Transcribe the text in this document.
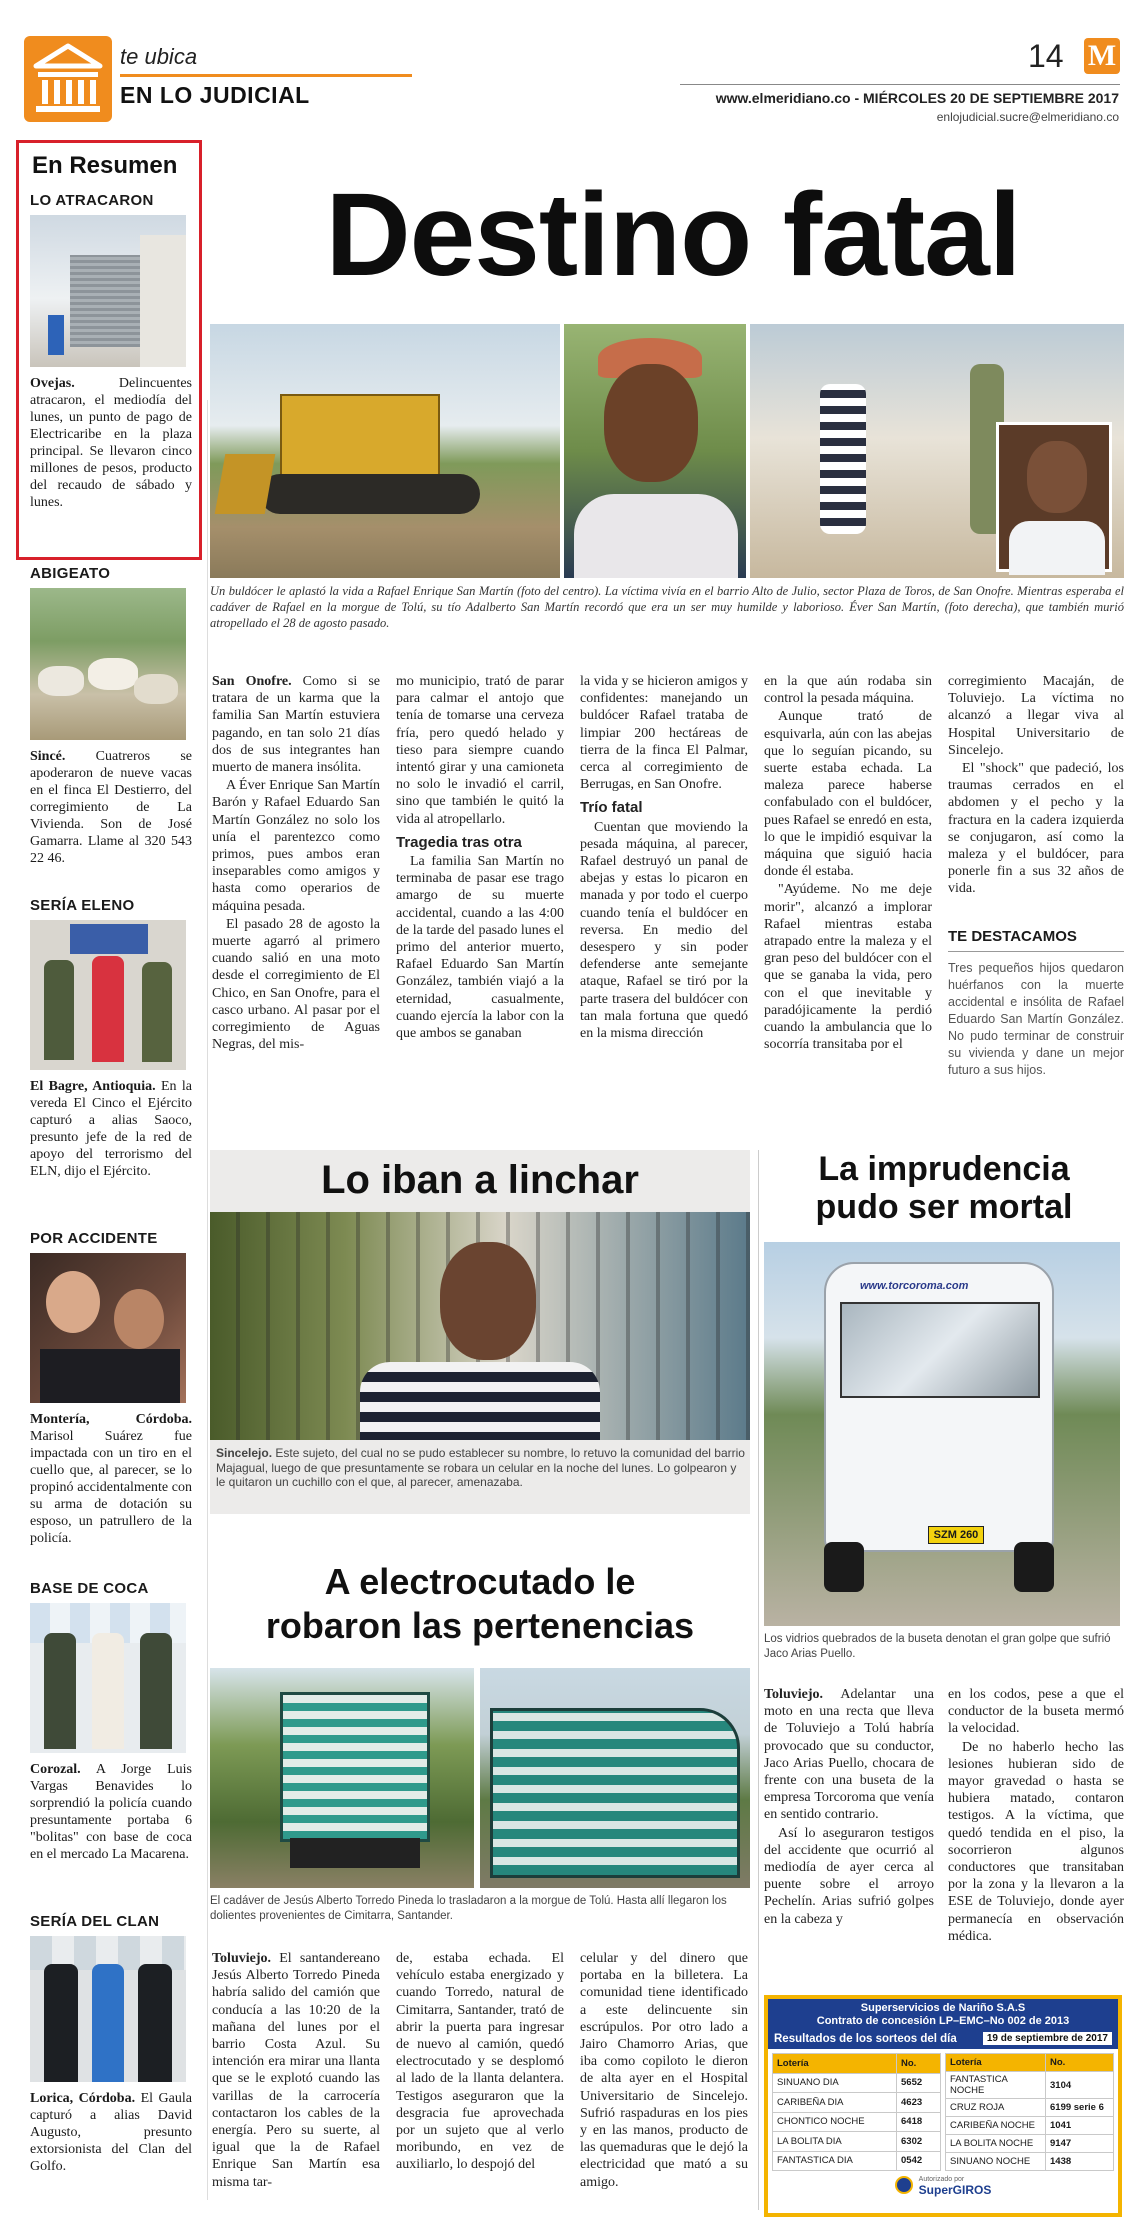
te ubica
EN LO JUDICIAL
14 M
www.elmeridiano.co - MIÉRCOLES 20 DE SEPTIEMBRE 2017
enlojudicial.sucre@elmeridiano.co
En Resumen
LO ATRACARON
Ovejas. Delincuentes atracaron, el mediodía del lunes, un punto de pago de Electricaribe en la plaza principal. Se llevaron cinco millones de pesos, producto del recaudo de sábado y lunes.
ABIGEATO
Sincé. Cuatreros se apoderaron de nueve vacas en el finca El Destierro, del corregimiento de La Vivienda. Son de José Gamarra. Llame al 320 543 22 46.
SERÍA ELENO
El Bagre, Antioquia. En la vereda El Cinco el Ejército capturó a alias Saoco, presunto jefe de la red de apoyo del terrorismo del ELN, dijo el Ejército.
POR ACCIDENTE
Montería, Córdoba. Marisol Suárez fue impactada con un tiro en el cuello que, al parecer, se lo propinó accidentalmente con su arma de dotación su esposo, un patrullero de la policía.
BASE DE COCA
Corozal. A Jorge Luis Vargas Benavides lo sorprendió la policía cuando presuntamente portaba 6 "bolitas" con base de coca en el mercado La Macarena.
SERÍA DEL CLAN
Lorica, Córdoba. El Gaula capturó a alias David Augusto, presunto extorsionista del Clan del Golfo.
Destino fatal
Un buldócer le aplastó la vida a Rafael Enrique San Martín (foto del centro). La víctima vivía en el barrio Alto de Julio, sector Plaza de Toros, de San Onofre. Mientras esperaba el cadáver de Rafael en la morgue de Tolú, su tío Adalberto San Martín recordó que era un ser muy humilde y laborioso. Éver San Martín, (foto derecha), que también murió atropellado el 28 de agosto pasado.

San Onofre. Como si se tratara de un karma que la familia San Martín estuviera pagando, en tan solo 21 días dos de sus integrantes han muerto de manera insólita.

A Éver Enrique San Martín Barón y Rafael Eduardo San Martín González no solo los unía el parentezco como primos, pues ambos eran inseparables como amigos y hasta como operarios de máquina pesada.

El pasado 28 de agosto la muerte agarró al primero cuando salió en una moto desde el corregimiento de El Chico, en San Onofre, para el casco urbano. Al pasar por el corregimiento de Aguas Negras, del mis-

mo municipio, trató de parar para calmar el antojo que tenía de tomarse una cerveza fría, pero quedó helado y tieso para siempre cuando intentó girar y una camioneta no solo le invadió el carril, sino que también le quitó la vida al atropellarlo.

Tragedia tras otra

La familia San Martín no terminaba de pasar ese trago amargo de su muerte accidental, cuando a las 4:00 de la tarde del pasado lunes el primo del anterior muerto, Rafael Eduardo San Martín González, también viajó a la eternidad, casualmente, cuando ejercía la labor con la que ambos se ganaban

la vida y se hicieron amigos y confidentes: manejando un buldócer Rafael trataba de limpiar 200 hectáreas de tierra de la finca El Palmar, cerca al corregimiento de Berrugas, en San Onofre.

Trío fatal

Cuentan que moviendo la pesada máquina, al parecer, Rafael destruyó un panal de abejas y estas lo picaron en manada y por todo el cuerpo cuando tenía el buldócer en reversa. En medio del desespero y sin poder defenderse ante semejante ataque, Rafael se tiró por la parte trasera del buldócer con tan mala fortuna que quedó en la misma dirección

en la que aún rodaba sin control la pesada máquina.

Aunque trató de esquivarla, aún con las abejas que lo seguían picando, su suerte estaba echada. La maleza parece haberse confabulado con el buldócer, pues Rafael se enredó en esta, lo que le impidió esquivar la máquina que siguió hacia donde él estaba.

"Ayúdeme. No me deje morir", alcanzó a implorar Rafael mientras estaba atrapado entre la maleza y el gran peso del buldócer con el que se ganaba la vida, pero con el que inevitable y paradójicamente la perdió cuando la ambulancia que lo socorría transitaba por el

corregimiento Macaján, de Toluviejo. La víctima no alcanzó a llegar viva al Hospital Universitario de Sincelejo.

El "shock" que padeció, los traumas cerrados en el abdomen y el pecho y la fractura en la cadera izquierda se conjugaron, así como la maleza y el buldócer, para ponerle fin a sus 32 años de vida.

TE DESTACAMOS
Tres pequeños hijos quedaron huérfanos con la muerte accidental e insólita de Rafael Eduardo San Martín González. No pudo terminar de construir su vivienda y dane un mejor futuro a sus hijos.
Lo iban a linchar
Sincelejo. Este sujeto, del cual no se pudo establecer su nombre, lo retuvo la comunidad del barrio Majagual, luego de que presuntamente se robara un celular en la noche del lunes. Lo golpearon y le quitaron un cuchillo con el que, al parecer, amenazaba.
La imprudencia
pudo ser mortal
www.torcoroma.com
SZM 260
Los vidrios quebrados de la buseta denotan el gran golpe que sufrió Jaco Arias Puello.

Toluviejo. Adelantar una moto en una recta que lleva de Toluviejo a Tolú habría provocado que su conductor, Jaco Arias Puello, chocara de frente con una buseta de la empresa Torcoroma que venía en sentido contrario.

Así lo aseguraron testigos del accidente que ocurrió al mediodía de ayer cerca al puente sobre el arroyo Pechelín. Arias sufrió golpes en la cabeza y

en los codos, pese a que el conductor de la buseta mermó la velocidad.

De no haberlo hecho las lesiones hubieran sido de mayor gravedad o hasta se hubiera matado, contaron testigos. A la víctima, que quedó tendida en el piso, la socorrieron algunos conductores que transitaban por la zona y la llevaron a la ESE de Toluviejo, donde ayer permanecía en observación médica.

A electrocutado le
robaron las pertenencias
El cadáver de Jesús Alberto Torredo Pineda lo trasladaron a la morgue de Tolú. Hasta allí llegaron los dolientes provenientes de Cimitarra, Santander.

Toluviejo. El santandereano Jesús Alberto Torredo Pineda habría salido del camión que conducía a las 10:20 de la mañana del lunes por el barrio Costa Azul. Su intención era mirar una llanta que se le explotó cuando las varillas de la carrocería contactaron los cables de la energía. Pero su suerte, al igual que la de Rafael Enrique San Martín esa misma tar-

de, estaba echada. El vehículo estaba energizado y cuando Torredo, natural de Cimitarra, Santander, trató de abrir la puerta para ingresar de nuevo al camión, quedó electrocutado y se desplomó al lado de la llanta delantera. Testigos aseguraron que la desgracia fue aprovechada por un sujeto que al verlo moribundo, en vez de auxiliarlo, lo despojó del

celular y del dinero que portaba en la billetera. La comunidad tiene identificado a este delincuente sin escrúpulos. Por otro lado a Jairo Chamorro Arias, que iba como copiloto le dieron de alta ayer en el Hospital Universitario de Sincelejo. Sufrió raspaduras en los pies y en las manos, producto de las quemaduras que le dejó la electricidad que mató a su amigo.

Superservicios de Nariño S.A.S
Contrato de concesión LP–EMC–No 002 de 2013
Resultados de los sorteos del día	19 de septiembre de 2017
Lotería	No.
SINUANO DIA	5652
CARIBEÑA DIA	4623
CHONTICO NOCHE	6418
LA BOLITA DIA	6302
FANTASTICA DIA	0542
Lotería	No.
FANTASTICA NOCHE	3104
CRUZ ROJA	6199 serie 6
CARIBEÑA NOCHE	1041
LA BOLITA NOCHE	9147
SINUANO NOCHE	1438
Autorizado por
SuperGIROS
